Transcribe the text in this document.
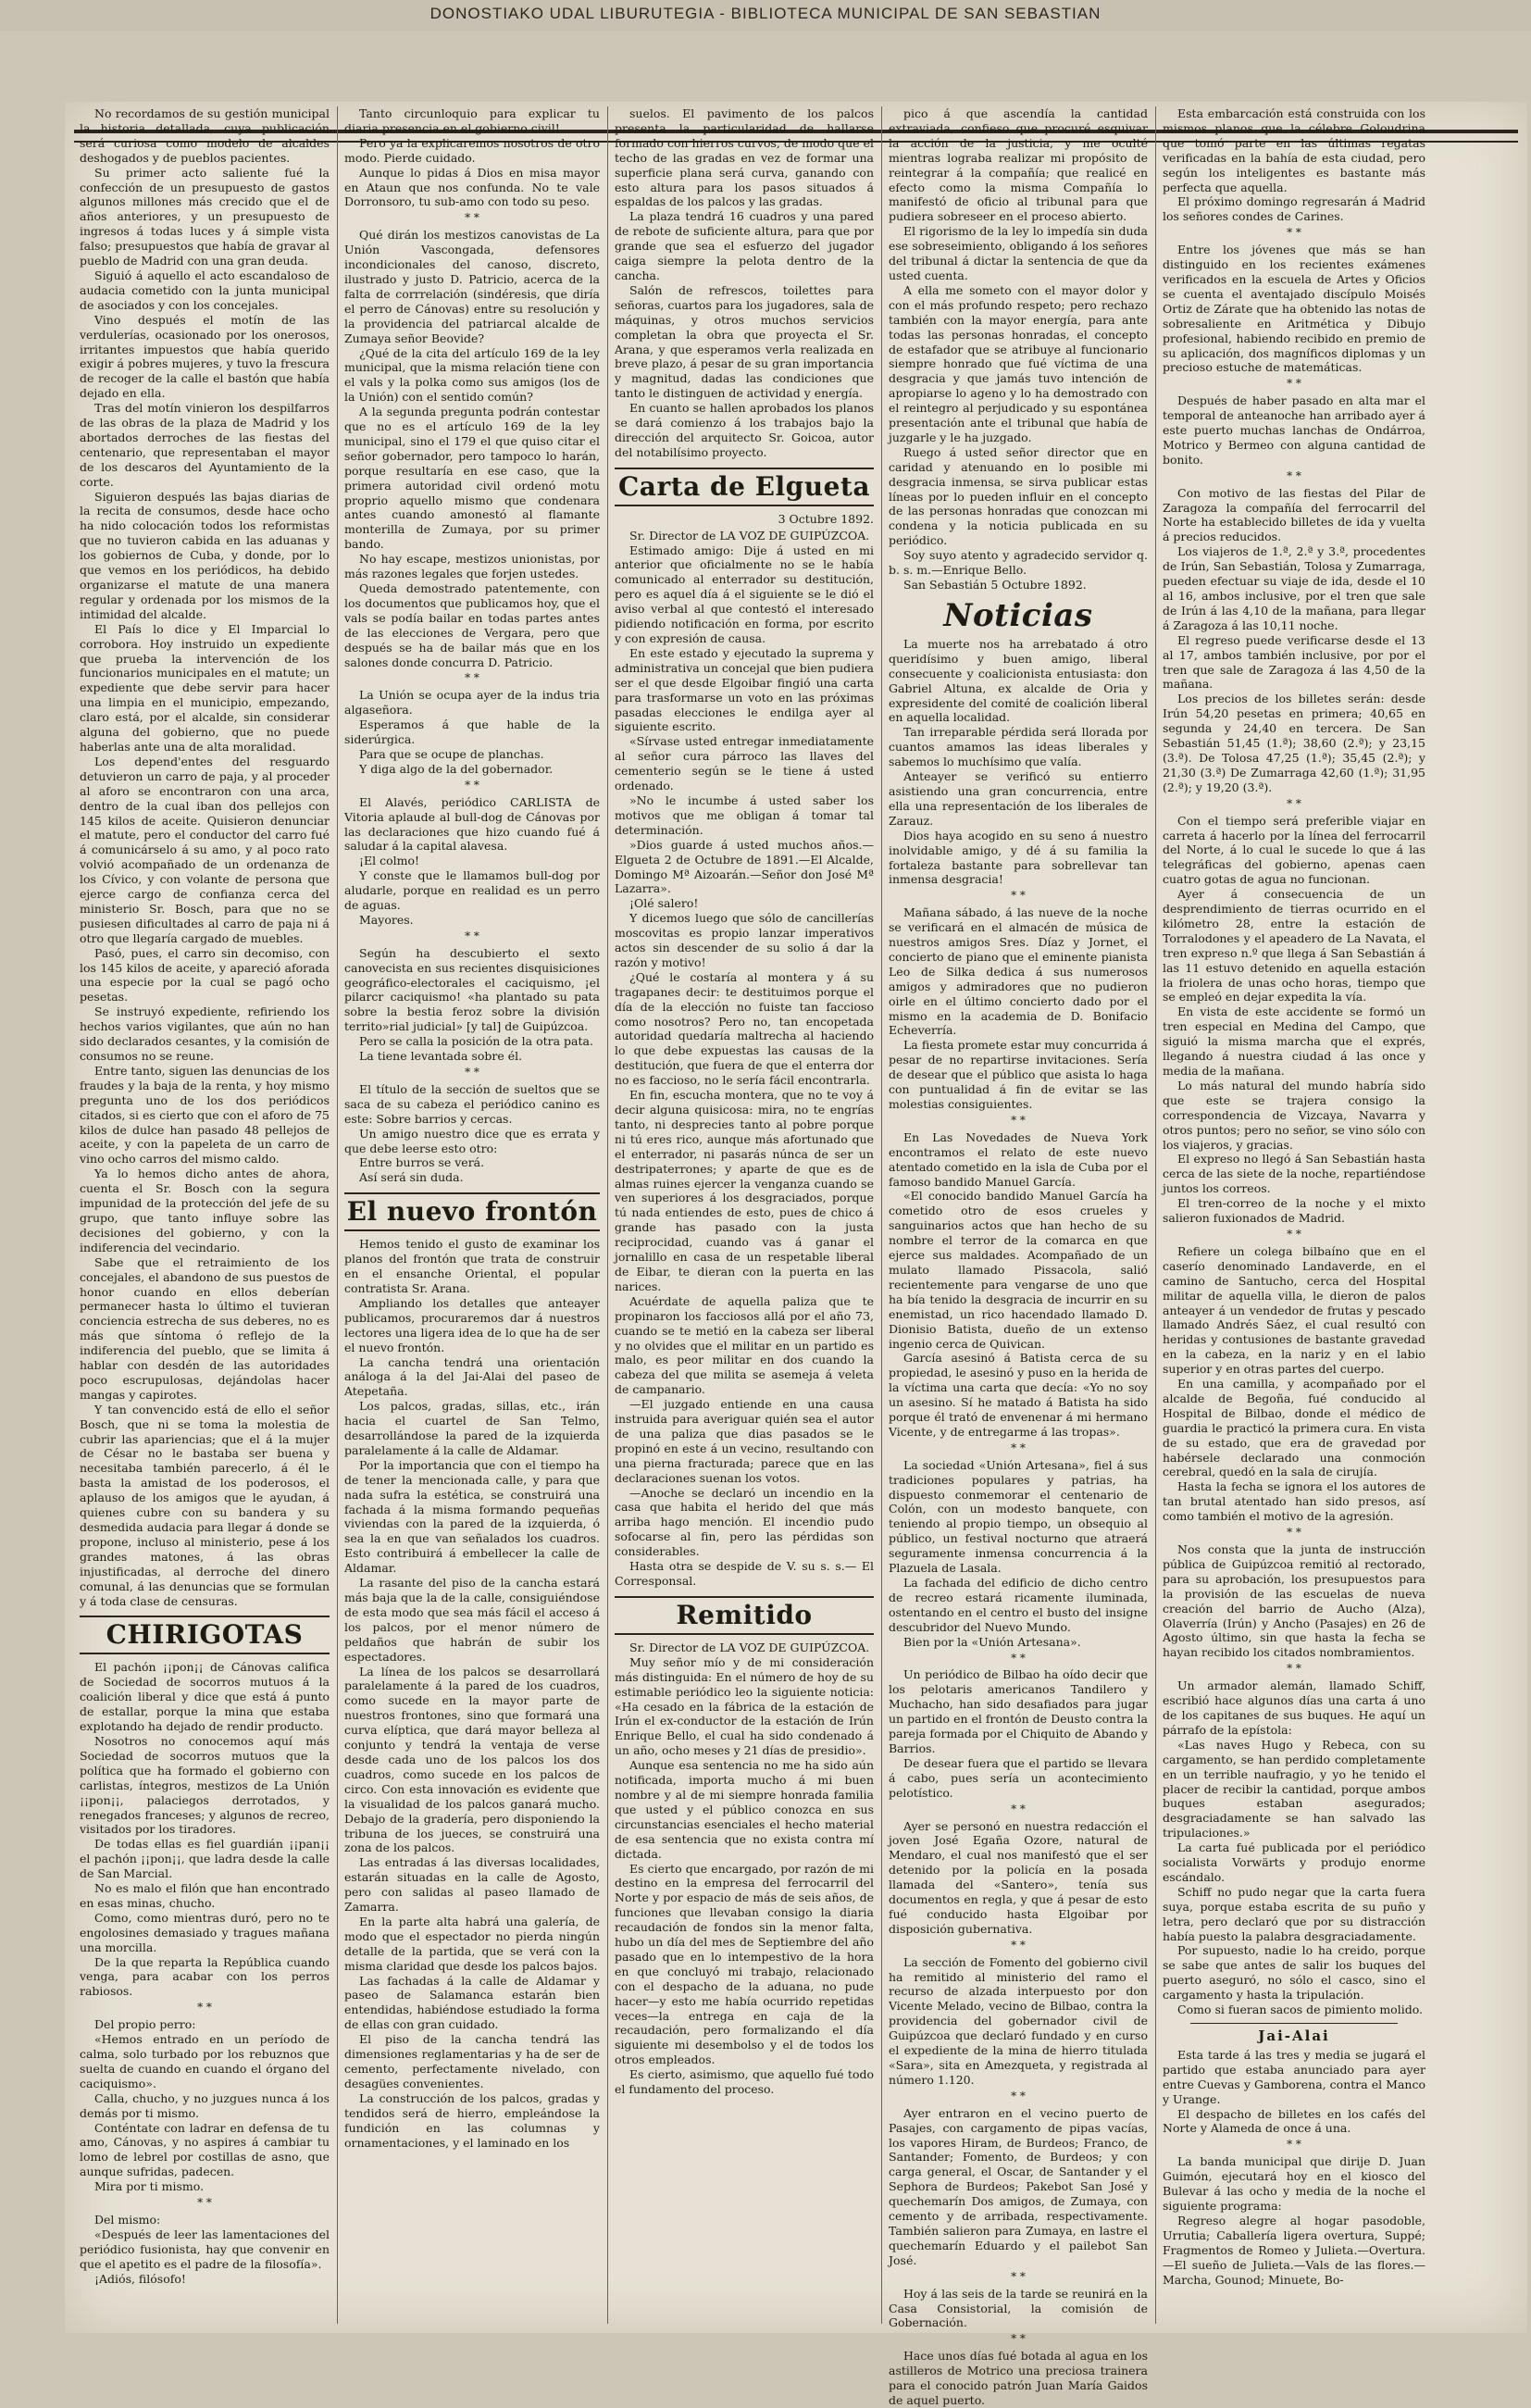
DONOSTIAKO UDAL LIBURUTEGIA - BIBLIOTECA MUNICIPAL DE SAN SEBASTIAN

No recordamos de su gestión municipal la historia detallada, cuya publicación será curiosa como modelo de alcaldes deshogados y de pueblos pacientes.

Su primer acto saliente fué la confección de un presupuesto de gastos algunos millones más crecido que el de años anteriores, y un presupuesto de ingresos á todas luces y á simple vista falso; presupuestos que había de gravar al pueblo de Madrid con una gran deuda.

Siguió á aquello el acto escandaloso de audacia cometido con la junta municipal de asociados y con los concejales.

Vino después el motín de las verdulerías, ocasionado por los onerosos, irritantes impuestos que había querido exigir á pobres mujeres, y tuvo la frescura de recoger de la calle el bastón que había dejado en ella.

Tras del motín vinieron los despilfarros de las obras de la plaza de Madrid y los abortados derroches de las fiestas del centenario, que representaban el mayor de los descaros del Ayuntamiento de la corte.

Siguieron después las bajas diarias de la recita de consumos, desde hace ocho ha nido colocación todos los reformistas que no tuvieron cabida en las aduanas y los gobiernos de Cuba, y donde, por lo que vemos en los periódicos, ha debido organizarse el matute de una manera regular y ordenada por los mismos de la intimidad del alcalde.

El País lo dice y El Imparcial lo corrobora. Hoy instruido un expediente que prueba la intervención de los funcionarios municipales en el matute; un expediente que debe servir para hacer una limpia en el municipio, empezando, claro está, por el alcalde, sin considerar alguna del gobierno, que no puede haberlas ante una de alta moralidad.

Los depend'entes del resguardo detuvieron un carro de paja, y al proceder al aforo se encontraron con una arca, dentro de la cual iban dos pellejos con 145 kilos de aceite. Quisieron denunciar el matute, pero el conductor del carro fué á comunicárselo á su amo, y al poco rato volvió acompañado de un ordenanza de los Cívico, y con volante de persona que ejerce cargo de confianza cerca del ministerio Sr. Bosch, para que no se pusiesen dificultades al carro de paja ni á otro que llegaría cargado de muebles.

Pasó, pues, el carro sin decomiso, con los 145 kilos de aceite, y apareció aforada una especie por la cual se pagó ocho pesetas.

Se instruyó expediente, refiriendo los hechos varios vigilantes, que aún no han sido declarados cesantes, y la comisión de consumos no se reune.

Entre tanto, siguen las denuncias de los fraudes y la baja de la renta, y hoy mismo pregunta uno de los dos periódicos citados, si es cierto que con el aforo de 75 kilos de dulce han pasado 48 pellejos de aceite, y con la papeleta de un carro de vino ocho carros del mismo caldo.

Ya lo hemos dicho antes de ahora, cuenta el Sr. Bosch con la segura impunidad de la protección del jefe de su grupo, que tanto influye sobre las decisiones del gobierno, y con la indiferencia del vecindario.

Sabe que el retraimiento de los concejales, el abandono de sus puestos de honor cuando en ellos deberían permanecer hasta lo último el tuvieran conciencia estrecha de sus deberes, no es más que síntoma ó reflejo de la indiferencia del pueblo, que se limita á hablar con desdén de las autoridades poco escrupulosas, dejándolas hacer mangas y capirotes.

Y tan convencido está de ello el señor Bosch, que ni se toma la molestia de cubrir las apariencias; que el á la mujer de César no le bastaba ser buena y necesitaba también parecerlo, á él le basta la amistad de los poderosos, el aplauso de los amigos que le ayudan, á quienes cubre con su bandera y su desmedida audacia para llegar á donde se propone, incluso al ministerio, pese á los grandes matones, á las obras injustificadas, al derroche del dinero comunal, á las denuncias que se formulan y á toda clase de censuras.

CHIRIGOTAS

El pachón ¡¡pon¡¡ de Cánovas califica de Sociedad de socorros mutuos á la coalición liberal y dice que está á punto de estallar, porque la mina que estaba explotando ha dejado de rendir producto.

Nosotros no conocemos aquí más Sociedad de socorros mutuos que la política que ha formado el gobierno con carlistas, íntegros, mestizos de La Unión ¡¡pon¡¡, palaciegos derrotados, y renegados franceses; y algunos de recreo, visitados por los tiradores.

De todas ellas es fiel guardián ¡¡pan¡¡ el pachón ¡¡pon¡¡, que ladra desde la calle de San Marcial.

No es malo el filón que han encontrado en esas minas, chucho.

Como, como mientras duró, pero no te engolosines demasiado y tragues mañana una morcilla.

De la que reparta la República cuando venga, para acabar con los perros rabiosos.

* *

Del propio perro:

«Hemos entrado en un período de calma, solo turbado por los rebuznos que suelta de cuando en cuando el órgano del caciquismo».

Calla, chucho, y no juzgues nunca á los demás por ti mismo.

Conténtate con ladrar en defensa de tu amo, Cánovas, y no aspires á cambiar tu lomo de lebrel por costillas de asno, que aunque sufridas, padecen.

Mira por ti mismo.

* *

Del mismo:

«Después de leer las lamentaciones del periódico fusionista, hay que convenir en que el apetito es el padre de la filosofía».

¡Adiós, filósofo!

Tanto circunloquio para explicar tu diaria presencia en el gobierno civil!

Pero ya la explicaremos nosotros de otro modo. Pierde cuidado.

Aunque lo pidas á Dios en misa mayor en Ataun que nos confunda. No te vale Dorronsoro, tu sub-amo con todo su peso.

* *

Qué dirán los mestizos canovistas de La Unión Vascongada, defensores incondicionales del canoso, discreto, ilustrado y justo D. Patricio, acerca de la falta de corrrelación (sindéresis, que diría el perro de Cánovas) entre su resolución y la providencia del patriarcal alcalde de Zumaya señor Beovide?

¿Qué de la cita del artículo 169 de la ley municipal, que la misma relación tiene con el vals y la polka como sus amigos (los de la Unión) con el sentido común?

A la segunda pregunta podrán contestar que no es el artículo 169 de la ley municipal, sino el 179 el que quiso citar el señor gobernador, pero tampoco lo harán, porque resultaría en ese caso, que la primera autoridad civil ordenó motu proprio aquello mismo que condenara antes cuando amonestó al flamante monterilla de Zumaya, por su primer bando.

No hay escape, mestizos unionistas, por más razones legales que forjen ustedes.

Queda demostrado patentemente, con los documentos que publicamos hoy, que el vals se podía bailar en todas partes antes de las elecciones de Vergara, pero que después se ha de bailar más que en los salones donde concurra D. Patricio.

* *

La Unión se ocupa ayer de la indus tria algaseñora.

Esperamos á que hable de la siderúrgica.

Para que se ocupe de planchas.

Y diga algo de la del gobernador.

* *

El Alavés, periódico CARLISTA de Vitoria aplaude al bull-dog de Cánovas por las declaraciones que hizo cuando fué á saludar á la capital alavesa.

¡El colmo!

Y conste que le llamamos bull-dog por aludarle, porque en realidad es un perro de aguas.

Mayores.

* *

Según ha descubierto el sexto canovecista en sus recientes disquisiciones geográfico-electorales el caciquismo, ¡el pilarcr caciquismo! «ha plantado su pata sobre la bestia feroz sobre la división territo»rial judicial» [y tal] de Guipúzcoa.

Pero se calla la posición de la otra pata.

La tiene levantada sobre él.

* *

El título de la sección de sueltos que se saca de su cabeza el periódico canino es este: Sobre barrios y cercas.

Un amigo nuestro dice que es errata y que debe leerse esto otro:

Entre burros se verá.

Así será sin duda.

El nuevo frontón

Hemos tenido el gusto de examinar los planos del frontón que trata de construir en el ensanche Oriental, el popular contratista Sr. Arana.

Ampliando los detalles que anteayer publicamos, procuraremos dar á nuestros lectores una ligera idea de lo que ha de ser el nuevo frontón.

La cancha tendrá una orientación análoga á la del Jai-Alai del paseo de Atepetaña.

Los palcos, gradas, sillas, etc., irán hacia el cuartel de San Telmo, desarrollándose la pared de la izquierda paralelamente á la calle de Aldamar.

Por la importancia que con el tiempo ha de tener la mencionada calle, y para que nada sufra la estética, se construirá una fachada á la misma formando pequeñas viviendas con la pared de la izquierda, ó sea la en que van señalados los cuadros. Esto contribuirá á embellecer la calle de Aldamar.

La rasante del piso de la cancha estará más baja que la de la calle, consiguiéndose de esta modo que sea más fácil el acceso á los palcos, por el menor número de peldaños que habrán de subir los espectadores.

La línea de los palcos se desarrollará paralelamente á la pared de los cuadros, como sucede en la mayor parte de nuestros frontones, sino que formará una curva elíptica, que dará mayor belleza al conjunto y tendrá la ventaja de verse desde cada uno de los palcos los dos cuadros, como sucede en los palcos de circo. Con esta innovación es evidente que la visualidad de los palcos ganará mucho. Debajo de la gradería, pero disponiendo la tribuna de los jueces, se construirá una zona de los palcos.

Las entradas á las diversas localidades, estarán situadas en la calle de Agosto, pero con salidas al paseo llamado de Zamarra.

En la parte alta habrá una galería, de modo que el espectador no pierda ningún detalle de la partida, que se verá con la misma claridad que desde los palcos bajos.

Las fachadas á la calle de Aldamar y paseo de Salamanca estarán bien entendidas, habiéndose estudiado la forma de ellas con gran cuidado.

El piso de la cancha tendrá las dimensiones reglamentarias y ha de ser de cemento, perfectamente nivelado, con desagües convenientes.

La construcción de los palcos, gradas y tendidos será de hierro, empleándose la fundición en las columnas y ornamentaciones, y el laminado en los

suelos. El pavimento de los palcos presenta la particularidad de hallarse formado con hierros curvos, de modo que el techo de las gradas en vez de formar una superficie plana será curva, ganando con esto altura para los pasos situados á espaldas de los palcos y las gradas.

La plaza tendrá 16 cuadros y una pared de rebote de suficiente altura, para que por grande que sea el esfuerzo del jugador caiga siempre la pelota dentro de la cancha.

Salón de refrescos, toilettes para señoras, cuartos para los jugadores, sala de máquinas, y otros muchos servicios completan la obra que proyecta el Sr. Arana, y que esperamos verla realizada en breve plazo, á pesar de su gran importancia y magnitud, dadas las condiciones que tanto le distinguen de actividad y energía.

En cuanto se hallen aprobados los planos se dará comienzo á los trabajos bajo la dirección del arquitecto Sr. Goicoa, autor del notabilísimo proyecto.

Carta de Elgueta
3 Octubre 1892.

Sr. Director de LA VOZ DE GUIPÚZCOA.

Estimado amigo: Dije á usted en mi anterior que oficialmente no se le había comunicado al enterrador su destitución, pero es aquel día á el siguiente se le dió el aviso verbal al que contestó el interesado pidiendo notificación en forma, por escrito y con expresión de causa.

En este estado y ejecutado la suprema y administrativa un concejal que bien pudiera ser el que desde Elgoibar fingió una carta para trasformarse un voto en las próximas pasadas elecciones le endilga ayer al siguiente escrito.

«Sírvase usted entregar inmediatamente al señor cura párroco las llaves del cementerio según se le tiene á usted ordenado.

»No le incumbe á usted saber los motivos que me obligan á tomar tal determinación.

»Dios guarde á usted muchos años.— Elgueta 2 de Octubre de 1891.—El Alcalde, Domingo Mª Aizoarán.—Señor don José Mª Lazarra».

¡Olé salero!

Y dicemos luego que sólo de cancillerías moscovitas es propio lanzar imperativos actos sin descender de su solio á dar la razón y motivo!

¿Qué le costaría al montera y á su tragapanes decir: te destituimos porque el día de la elección no fuiste tan faccioso como nosotros? Pero no, tan encopetada autoridad quedaría maltrecha al haciendo lo que debe expuestas las causas de la destitución, que fuera de que el enterra dor no es faccioso, no le sería fácil encontrarla.

En fin, escucha montera, que no te voy á decir alguna quisicosa: mira, no te engrías tanto, ni desprecies tanto al pobre porque ni tú eres rico, aunque más afortunado que el enterrador, ni pasarás núnca de ser un destripaterrones; y aparte de que es de almas ruines ejercer la venganza cuando se ven superiores á los desgraciados, porque tú nada entiendes de esto, pues de chico á grande has pasado con la justa reciprocidad, cuando vas á ganar el jornalillo en casa de un respetable liberal de Eibar, te dieran con la puerta en las narices.

Acuérdate de aquella paliza que te propinaron los facciosos allá por el año 73, cuando se te metió en la cabeza ser liberal y no olvides que el militar en un partido es malo, es peor militar en dos cuando la cabeza del que milita se asemeja á veleta de campanario.

—El juzgado entiende en una causa instruida para averiguar quién sea el autor de una paliza que dias pasados se le propinó en este á un vecino, resultando con una pierna fracturada; parece que en las declaraciones suenan los votos.

—Anoche se declaró un incendio en la casa que habita el herido del que más arriba hago mención. El incendio pudo sofocarse al fin, pero las pérdidas son considerables.

Hasta otra se despide de V. su s. s.— El Corresponsal.

Remitido

Sr. Director de LA VOZ DE GUIPÚZCOA.

Muy señor mío y de mi consideración más distinguida: En el número de hoy de su estimable periódico leo la siguiente noticia: «Ha cesado en la fábrica de la estación de Irún el ex-conductor de la estación de Irún Enrique Bello, el cual ha sido condenado á un año, ocho meses y 21 días de presidio».

Aunque esa sentencia no me ha sido aún notificada, importa mucho á mi buen nombre y al de mi siempre honrada familia que usted y el público conozca en sus circunstancias esenciales el hecho material de esa sentencia que no exista contra mí dictada.

Es cierto que encargado, por razón de mi destino en la empresa del ferrocarril del Norte y por espacio de más de seis años, de funciones que llevaban consigo la diaria recaudación de fondos sin la menor falta, hubo un día del mes de Septiembre del año pasado que en lo intempestivo de la hora en que concluyó mi trabajo, relacionado con el despacho de la aduana, no pude hacer—y esto me había ocurrido repetidas veces—la entrega en caja de la recaudación, pero formalizando el día siguiente mi desembolso y el de todos los otros empleados.

Es cierto, asimismo, que aquello fué todo el fundamento del proceso.

pico á que ascendía la cantidad extraviada, confieso que procuré esquivar la acción de la justicia, y me oculté mientras lograba realizar mi propósito de reintegrar á la compañía; que realicé en efecto como la misma Compañía lo manifestó de oficio al tribunal para que pudiera sobreseer en el proceso abierto.

El rigorismo de la ley lo impedía sin duda ese sobreseimiento, obligando á los señores del tribunal á dictar la sentencia de que da usted cuenta.

A ella me someto con el mayor dolor y con el más profundo respeto; pero rechazo también con la mayor energía, para ante todas las personas honradas, el concepto de estafador que se atribuye al funcionario siempre honrado que fué víctima de una desgracia y que jamás tuvo intención de apropiarse lo ageno y lo ha demostrado con el reintegro al perjudicado y su espontánea presentación ante el tribunal que había de juzgarle y le ha juzgado.

Ruego á usted señor director que en caridad y atenuando en lo posible mi desgracia inmensa, se sirva publicar estas líneas por lo pueden influir en el concepto de las personas honradas que conozcan mi condena y la noticia publicada en su periódico.

Soy suyo atento y agradecido servidor q. b. s. m.—Enrique Bello.

San Sebastián 5 Octubre 1892.

Noticias

La muerte nos ha arrebatado á otro queridísimo y buen amigo, liberal consecuente y coalicionista entusiasta: don Gabriel Altuna, ex alcalde de Oria y expresidente del comité de coalición liberal en aquella localidad.

Tan irreparable pérdida será llorada por cuantos amamos las ideas liberales y sabemos lo muchísimo que valía.

Anteayer se verificó su entierro asistiendo una gran concurrencia, entre ella una representación de los liberales de Zarauz.

Dios haya acogido en su seno á nuestro inolvidable amigo, y dé á su familia la fortaleza bastante para sobrellevar tan inmensa desgracia!

* *

Mañana sábado, á las nueve de la noche se verificará en el almacén de música de nuestros amigos Sres. Díaz y Jornet, el concierto de piano que el eminente pianista Leo de Silka dedica á sus numerosos amigos y admiradores que no pudieron oirle en el último concierto dado por el mismo en la academia de D. Bonifacio Echeverría.

La fiesta promete estar muy concurrida á pesar de no repartirse invitaciones. Sería de desear que el público que asista lo haga con puntualidad á fin de evitar se las molestias consiguientes.

* *

En Las Novedades de Nueva York encontramos el relato de este nuevo atentado cometido en la isla de Cuba por el famoso bandido Manuel García.

«El conocido bandido Manuel García ha cometido otro de esos crueles y sanguinarios actos que han hecho de su nombre el terror de la comarca en que ejerce sus maldades. Acompañado de un mulato llamado Pissacola, salió recientemente para vengarse de uno que ha bía tenido la desgracia de incurrir en su enemistad, un rico hacendado llamado D. Dionisio Batista, dueño de un extenso ingenio cerca de Quivican.

García asesinó á Batista cerca de su propiedad, le asesinó y puso en la herida de la víctima una carta que decía: «Yo no soy un asesino. Sí he matado á Batista ha sido porque él trató de envenenar á mi hermano Vicente, y de entregarme á las tropas».

* *

La sociedad «Unión Artesana», fiel á sus tradiciones populares y patrias, ha dispuesto conmemorar el centenario de Colón, con un modesto banquete, con teniendo al propio tiempo, un obsequio al público, un festival nocturno que atraerá seguramente inmensa concurrencia á la Plazuela de Lasala.

La fachada del edificio de dicho centro de recreo estará ricamente iluminada, ostentando en el centro el busto del insigne descubridor del Nuevo Mundo.

Bien por la «Unión Artesana».

* *

Un periódico de Bilbao ha oído decir que los pelotaris americanos Tandilero y Muchacho, han sido desafiados para jugar un partido en el frontón de Deusto contra la pareja formada por el Chiquito de Abando y Barrios.

De desear fuera que el partido se llevara á cabo, pues sería un acontecimiento pelotístico.

* *

Ayer se personó en nuestra redacción el joven José Egaña Ozore, natural de Mendaro, el cual nos manifestó que el ser detenido por la policía en la posada llamada del «Santero», tenía sus documentos en regla, y que á pesar de esto fué conducido hasta Elgoibar por disposición gubernativa.

* *

La sección de Fomento del gobierno civil ha remitido al ministerio del ramo el recurso de alzada interpuesto por don Vicente Melado, vecino de Bilbao, contra la providencia del gobernador civil de Guipúzcoa que declaró fundado y en curso el expediente de la mina de hierro titulada «Sara», sita en Amezqueta, y registrada al número 1.120.

* *

Ayer entraron en el vecino puerto de Pasajes, con cargamento de pipas vacías, los vapores Hiram, de Burdeos; Franco, de Santander; Fomento, de Burdeos; y con carga general, el Oscar, de Santander y el Sephora de Burdeos; Pakebot San José y quechemarín Dos amigos, de Zumaya, con cemento y de arribada, respectivamente. También salieron para Zumaya, en lastre el quechemarín Eduardo y el pailebot San José.

* *

Hoy á las seis de la tarde se reunirá en la Casa Consistorial, la comisión de Gobernación.

* *

Hace unos días fué botada al agua en los astilleros de Motrico una preciosa trainera para el conocido patrón Juan María Gaidos de aquel puerto.

Esta embarcación está construida con los mismos planos que la célebre Goloudrina que tomó parte en las últimas regatas verificadas en la bahía de esta ciudad, pero según los inteligentes es bastante más perfecta que aquella.

El próximo domingo regresarán á Madrid los señores condes de Carines.

* *

Entre los jóvenes que más se han distinguido en los recientes exámenes verificados en la escuela de Artes y Oficios se cuenta el aventajado discípulo Moisés Ortiz de Zárate que ha obtenido las notas de sobresaliente en Aritmética y Dibujo profesional, habiendo recibido en premio de su aplicación, dos magníficos diplomas y un precioso estuche de matemáticas.

* *

Después de haber pasado en alta mar el temporal de anteanoche han arribado ayer á este puerto muchas lanchas de Ondárroa, Motrico y Bermeo con alguna cantidad de bonito.

* *

Con motivo de las fiestas del Pilar de Zaragoza la compañía del ferrocarril del Norte ha establecido billetes de ida y vuelta á precios reducidos.

Los viajeros de 1.ª, 2.ª y 3.ª, procedentes de Irún, San Sebastián, Tolosa y Zumarraga, pueden efectuar su viaje de ida, desde el 10 al 16, ambos inclusive, por el tren que sale de Irún á las 4,10 de la mañana, para llegar á Zaragoza á las 10,11 noche.

El regreso puede verificarse desde el 13 al 17, ambos también inclusive, por por el tren que sale de Zaragoza á las 4,50 de la mañana.

Los precios de los billetes serán: desde Irún 54,20 pesetas en primera; 40,65 en segunda y 24,40 en tercera. De San Sebastián 51,45 (1.ª); 38,60 (2.ª); y 23,15 (3.ª). De Tolosa 47,25 (1.ª); 35,45 (2.ª); y 21,30 (3.ª) De Zumarraga 42,60 (1.ª); 31,95 (2.ª); y 19,20 (3.ª).

* *

Con el tiempo será preferible viajar en carreta á hacerlo por la línea del ferrocarril del Norte, á lo cual le sucede lo que á las telegráficas del gobierno, apenas caen cuatro gotas de agua no funcionan.

Ayer á consecuencia de un desprendimiento de tierras ocurrido en el kilómetro 28, entre la estación de Torralodones y el apeadero de La Navata, el tren expreso n.º que llega á San Sebastián á las 11 estuvo detenido en aquella estación la friolera de unas ocho horas, tiempo que se empleó en dejar expedita la vía.

En vista de este accidente se formó un tren especial en Medina del Campo, que siguió la misma marcha que el exprés, llegando á nuestra ciudad á las once y media de la mañana.

Lo más natural del mundo habría sido que este se trajera consigo la correspondencia de Vizcaya, Navarra y otros puntos; pero no señor, se vino sólo con los viajeros, y gracias.

El expreso no llegó á San Sebastián hasta cerca de las siete de la noche, repartiéndose juntos los correos.

El tren-correo de la noche y el mixto salieron fuxionados de Madrid.

* *

Refiere un colega bilbaíno que en el caserío denominado Landaverde, en el camino de Santucho, cerca del Hospital militar de aquella villa, le dieron de palos anteayer á un vendedor de frutas y pescado llamado Andrés Sáez, el cual resultó con heridas y contusiones de bastante gravedad en la cabeza, en la nariz y en el labio superior y en otras partes del cuerpo.

En una camilla, y acompañado por el alcalde de Begoña, fué conducido al Hospital de Bilbao, donde el médico de guardia le practicó la primera cura. En vista de su estado, que era de gravedad por habérsele declarado una conmoción cerebral, quedó en la sala de cirujía.

Hasta la fecha se ignora el los autores de tan brutal atentado han sido presos, así como también el motivo de la agresión.

* *

Nos consta que la junta de instrucción pública de Guipúzcoa remitió al rectorado, para su aprobación, los presupuestos para la provisión de las escuelas de nueva creación del barrio de Aucho (Alza), Olaverría (Irún) y Ancho (Pasajes) en 26 de Agosto último, sin que hasta la fecha se hayan recibido los citados nombramientos.

* *

Un armador alemán, llamado Schiff, escribió hace algunos días una carta á uno de los capitanes de sus buques. He aquí un párrafo de la epístola:

«Las naves Hugo y Rebeca, con su cargamento, se han perdido completamente en un terrible naufragio, y yo he tenido el placer de recibir la cantidad, porque ambos buques estaban asegurados; desgraciadamente se han salvado las tripulaciones.»

La carta fué publicada por el periódico socialista Vorwärts y produjo enorme escándalo.

Schiff no pudo negar que la carta fuera suya, porque estaba escrita de su puño y letra, pero declaró que por su distracción había puesto la palabra desgraciadamente.

Por supuesto, nadie lo ha creido, porque se sabe que antes de salir los buques del puerto aseguró, no sólo el casco, sino el cargamento y hasta la tripulación.

Como si fueran sacos de pimiento molido.

Jai-Alai

Esta tarde á las tres y media se jugará el partido que estaba anunciado para ayer entre Cuevas y Gamborena, contra el Manco y Urange.

El despacho de billetes en los cafés del Norte y Alameda de once á una.

* *

La banda municipal que dirije D. Juan Guimón, ejecutará hoy en el kiosco del Bulevar á las ocho y media de la noche el siguiente programa:

Regreso alegre al hogar pasodoble, Urrutia; Caballería ligera overtura, Suppé; Fragmentos de Romeo y Julieta.—Overtura.—El sueño de Julieta.—Vals de las flores.—Marcha, Gounod; Minuete, Bo-
